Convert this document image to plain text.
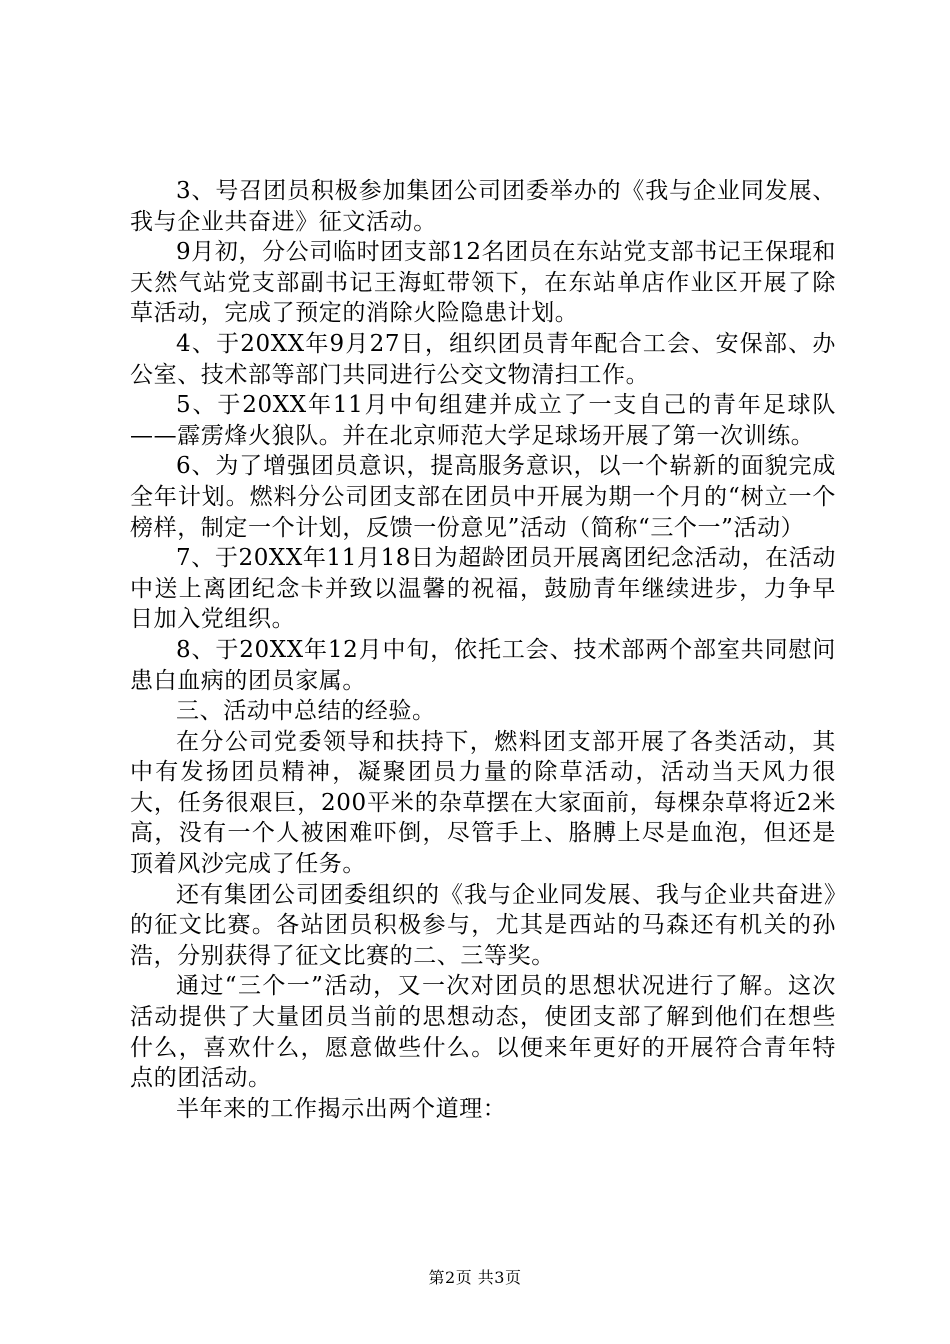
3、号召团员积极参加集团公司团委举办的《我与企业同发展、我与企业共奋进》征文活动。

9月初，分公司临时团支部12名团员在东站党支部书记王保琨和天然气站党支部副书记王海虹带领下，在东站单店作业区开展了除草活动，完成了预定的消除火险隐患计划。

4、于20XX年9月27日，组织团员青年配合工会、安保部、办公室、技术部等部门共同进行公交文物清扫工作。

5、于20XX年11月中旬组建并成立了一支自己的青年足球队——霹雳烽火狼队。并在北京师范大学足球场开展了第一次训练。

6、为了增强团员意识，提高服务意识，以一个崭新的面貌完成全年计划。燃料分公司团支部在团员中开展为期一个月的“树立一个榜样，制定一个计划，反馈一份意见”活动（简称“三个一”活动）

7、于20XX年11月18日为超龄团员开展离团纪念活动，在活动中送上离团纪念卡并致以温馨的祝福，鼓励青年继续进步，力争早日加入党组织。

8、于20XX年12月中旬，依托工会、技术部两个部室共同慰问患白血病的团员家属。

三、活动中总结的经验。

在分公司党委领导和扶持下，燃料团支部开展了各类活动，其中有发扬团员精神，凝聚团员力量的除草活动，活动当天风力很大，任务很艰巨，200平米的杂草摆在大家面前，每棵杂草将近2米高，没有一个人被困难吓倒，尽管手上、胳膊上尽是血泡，但还是顶着风沙完成了任务。

还有集团公司团委组织的《我与企业同发展、我与企业共奋进》的征文比赛。各站团员积极参与，尤其是西站的马森还有机关的孙浩，分别获得了征文比赛的二、三等奖。

通过“三个一”活动，又一次对团员的思想状况进行了解。这次活动提供了大量团员当前的思想动态，使团支部了解到他们在想些什么，喜欢什么，愿意做些什么。以便来年更好的开展符合青年特点的团活动。

半年来的工作揭示出两个道理：

第2页 共3页
